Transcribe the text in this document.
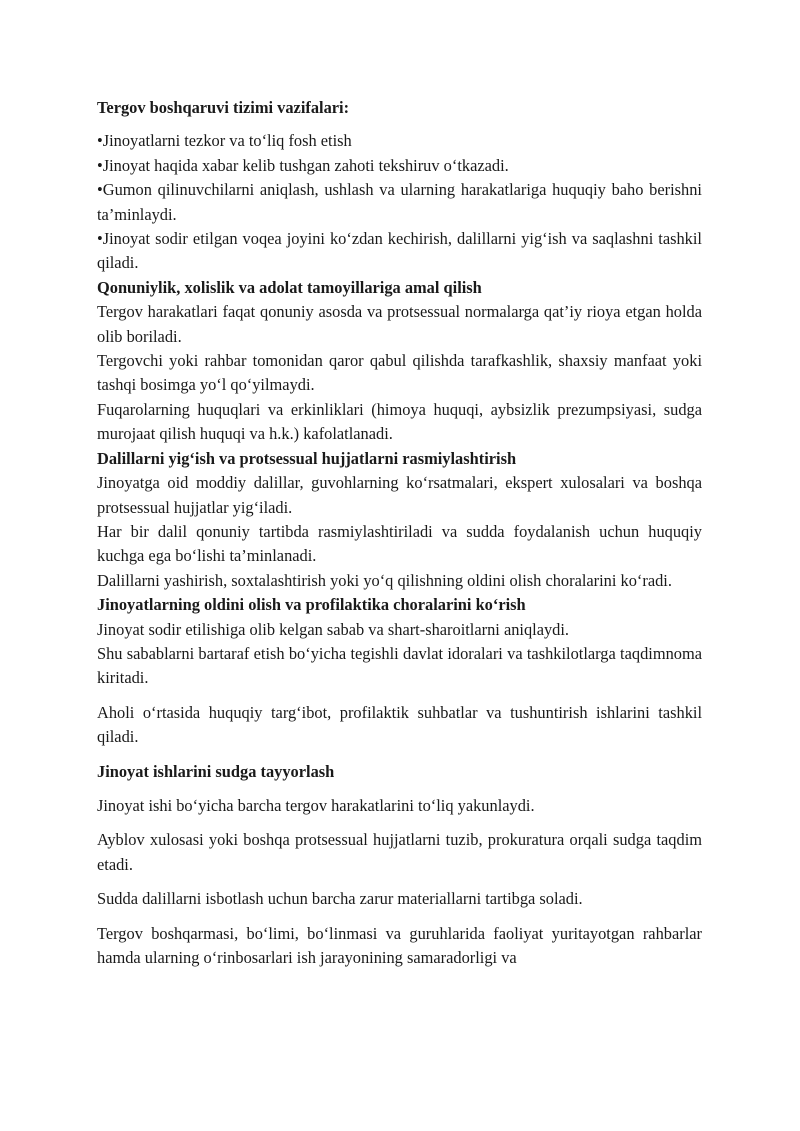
Tergov boshqaruvi tizimi vazifalari:

•Jinoyatlarni tezkor va to‘liq fosh etish

•Jinoyat haqida xabar kelib tushgan zahoti tekshiruv o‘tkazadi.

•Gumon qilinuvchilarni aniqlash, ushlash va ularning harakatlariga huquqiy baho berishni ta’minlaydi.

•Jinoyat sodir etilgan voqea joyini ko‘zdan kechirish, dalillarni yig‘ish va saqlashni tashkil qiladi.

Qonuniylik, xolislik va adolat tamoyillariga amal qilish

Tergov harakatlari faqat qonuniy asosda va protsessual normalarga qat’iy rioya etgan holda olib boriladi.

Tergovchi yoki rahbar tomonidan qaror qabul qilishda tarafkashlik, shaxsiy manfaat yoki tashqi bosimga yo‘l qo‘yilmaydi.

Fuqarolarning huquqlari va erkinliklari (himoya huquqi, aybsizlik prezumpsiyasi, sudga murojaat qilish huquqi va h.k.) kafolatlanadi.

Dalillarni yig‘ish va protsessual hujjatlarni rasmiylashtirish

Jinoyatga oid moddiy dalillar, guvohlarning ko‘rsatmalari, ekspert xulosalari va boshqa protsessual hujjatlar yig‘iladi.

Har bir dalil qonuniy tartibda rasmiylashtiriladi va sudda foydalanish uchun huquqiy kuchga ega bo‘lishi ta’minlanadi.

Dalillarni yashirish, soxtalashtirish yoki yo‘q qilishning oldini olish choralarini ko‘radi.

Jinoyatlarning oldini olish va profilaktika choralarini ko‘rish

Jinoyat sodir etilishiga olib kelgan sabab va shart-sharoitlarni aniqlaydi.

Shu sabablarni bartaraf etish bo‘yicha tegishli davlat idoralari va tashkilotlarga taqdimnoma kiritadi.

Aholi o‘rtasida huquqiy targ‘ibot, profilaktik suhbatlar va tushuntirish ishlarini tashkil qiladi.

Jinoyat ishlarini sudga tayyorlash

Jinoyat ishi bo‘yicha barcha tergov harakatlarini to‘liq yakunlaydi.

Ayblov xulosasi yoki boshqa protsessual hujjatlarni tuzib, prokuratura orqali sudga taqdim etadi.

Sudda dalillarni isbotlash uchun barcha zarur materiallarni tartibga soladi.

Tergov boshqarmasi, bo‘limi, bo‘linmasi va guruhlarida faoliyat yuritayotgan rahbarlar hamda ularning o‘rinbosarlari ish jarayonining samaradorligi va
